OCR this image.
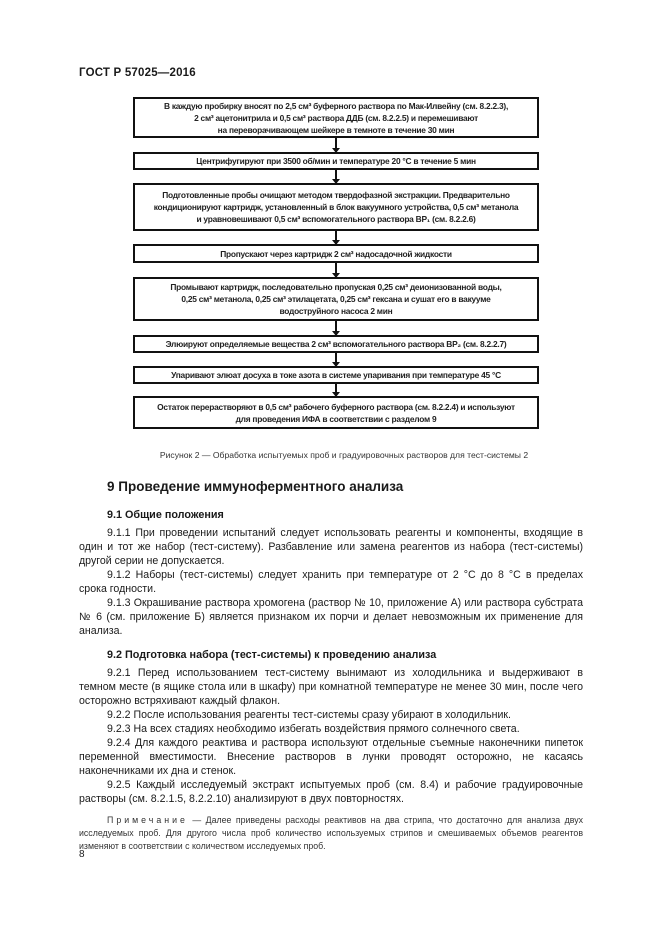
ГОСТ Р 57025—2016
В каждую пробирку вносят по 2,5 см³ буферного раствора по Мак-Илвейну (см. 8.2.2.3),
2 см³ ацетонитрила и 0,5 см³ раствора ДДБ (см. 8.2.2.5) и перемешивают
на переворачивающем шейкере в темноте в течение 30 мин
Центрифугируют при 3500 об/мин и температуре 20 °С в течение 5 мин
Подготовленные пробы очищают методом твердофазной экстракции. Предварительно
кондиционируют картридж, установленный в блок вакуумного устройства, 0,5 см³ метанола
и уравновешивают 0,5 см³ вспомогательного раствора ВР₁ (см. 8.2.2.6)
Пропускают через картридж 2 см³ надосадочной жидкости
Промывают картридж, последовательно пропуская 0,25 см³ деионизованной воды,
0,25 см³ метанола, 0,25 см³ этилацетата, 0,25 см³ гексана и сушат его в вакууме
водоструйного насоса 2 мин
Элюируют определяемые вещества 2 см³ вспомогательного раствора ВР₂ (см. 8.2.2.7)
Упаривают элюат досуха в токе азота в системе упаривания при температуре 45 °С
Остаток перерастворяют в 0,5 см³ рабочего буферного раствора (см. 8.2.2.4) и используют
для проведения ИФА в соответствии с разделом 9
Рисунок 2 — Обработка испытуемых проб и градуировочных растворов для тест-системы 2
9 Проведение иммуноферментного анализа
9.1 Общие положения

9.1.1 При проведении испытаний следует использовать реагенты и компоненты, входящие в один и тот же набор (тест-систему). Разбавление или замена реагентов из набора (тест-системы) другой серии не допускается.

9.1.2 Наборы (тест-системы) следует хранить при температуре от 2 °С до 8 °С в пределах срока годности.

9.1.3 Окрашивание раствора хромогена (раствор № 10, приложение А) или раствора субстрата № 6 (см. приложение Б) является признаком их порчи и делает невозможным их применение для анализа.

9.2 Подготовка набора (тест-системы) к проведению анализа

9.2.1 Перед использованием тест-систему вынимают из холодильника и выдерживают в темном месте (в ящике стола или в шкафу) при комнатной температуре не менее 30 мин, после чего осторожно встряхивают каждый флакон.

9.2.2 После использования реагенты тест-системы сразу убирают в холодильник.

9.2.3 На всех стадиях необходимо избегать воздействия прямого солнечного света.

9.2.4 Для каждого реактива и раствора используют отдельные съемные наконечники пипеток переменной вместимости. Внесение растворов в лунки проводят осторожно, не касаясь наконечниками их дна и стенок.

9.2.5 Каждый исследуемый экстракт испытуемых проб (см. 8.4) и рабочие градуировочные растворы (см. 8.2.1.5, 8.2.2.10) анализируют в двух повторностях.

Примечание — Далее приведены расходы реактивов на два стрипа, что достаточно для анализа двух исследуемых проб. Для другого числа проб количество используемых стрипов и смешиваемых объемов реагентов изменяют в соответствии с количеством исследуемых проб.
8
